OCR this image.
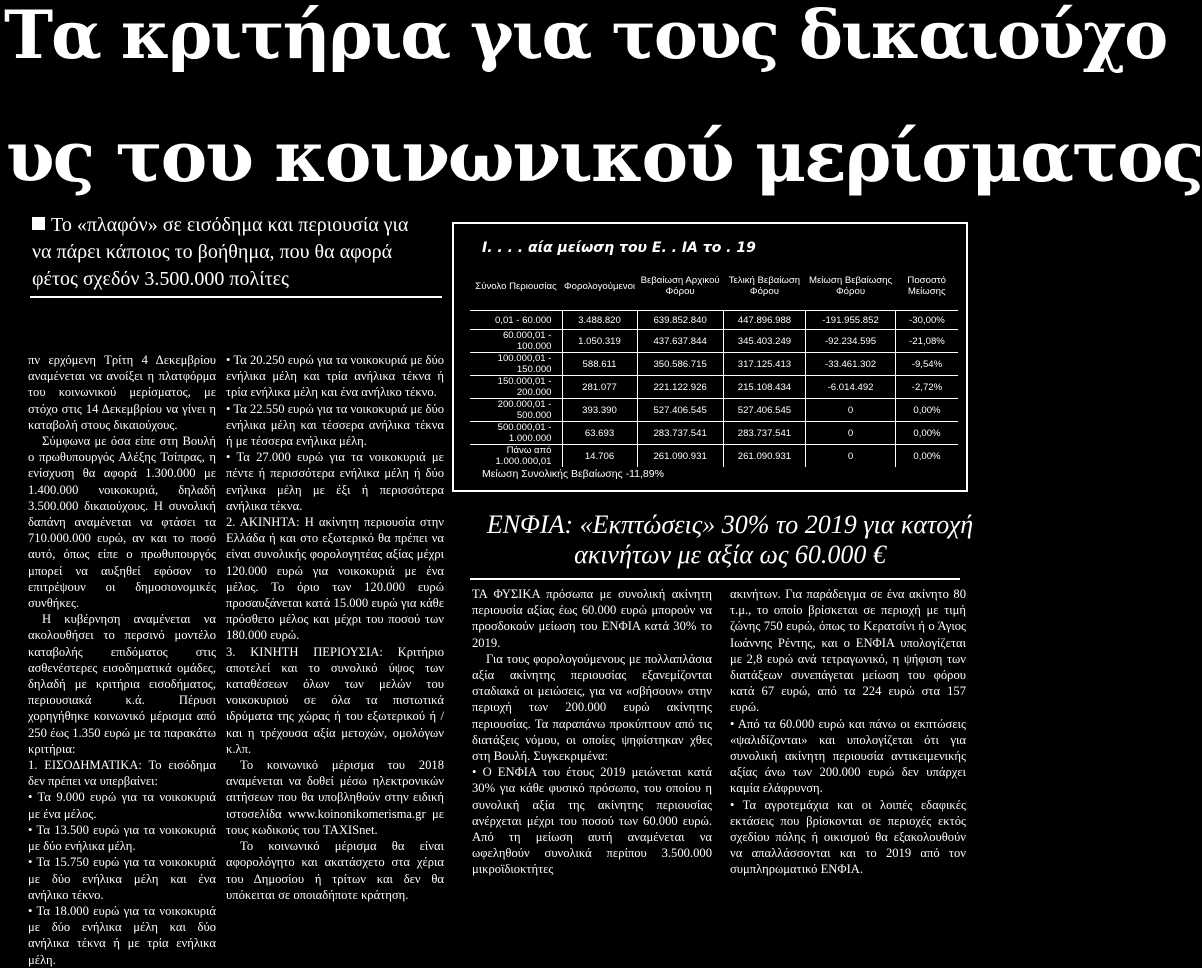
Τα κριτήρια για τους δικαιούχο
υς του κοινωνικού μερίσματος
Το «πλαφόν» σε εισόδημα και περιουσία για να πάρει κάποιος το βοήθημα, που θα αφορά φέτος σχεδόν 3.500.000 πολίτες

πν ερχόμενη Τρίτη 4 Δεκεμβρίου αναμένεται να ανοίξει η πλατφόρμα του κοινωνικού μερίσματος, με στόχο στις 14 Δεκεμβρίου να γίνει η καταβολή στους δικαιούχους.

Σύμφωνα με όσα είπε στη Βουλή ο πρωθυπουργός Αλέξης Τσίπρας, η ενίσχυση θα αφορά 1.300.000 με 1.400.000 νοικοκυριά, δηλαδή 3.500.000 δικαιούχους. Η συνολική δαπάνη αναμένεται να φτάσει τα 710.000.000 ευρώ, αν και το ποσό αυτό, όπως είπε ο πρωθυπουργός μπορεί να αυξηθεί εφόσον το επιτρέψουν οι δημοσιονομικές συνθήκες.

Η κυβέρνηση αναμένεται να ακολουθήσει το περσινό μοντέλο καταβολής επιδόματος στις ασθενέστερες εισοδηματικά ομάδες, δηλαδή με κριτήρια εισοδήματος, περιουσιακά κ.ά. Πέρυσι χορηγήθηκε κοινωνικό μέρισμα από 250 έως 1.350 ευρώ με τα παρακάτω κριτήρια:

1. ΕΙΣΟΔΗΜΑΤΙΚΑ: Το εισόδημα δεν πρέπει να υπερβαίνει:

• Τα 9.000 ευρώ για τα νοικοκυριά με ένα μέλος.

• Τα 13.500 ευρώ για τα νοικοκυριά με δύο ενήλικα μέλη.

• Τα 15.750 ευρώ για τα νοικοκυριά με δύο ενήλικα μέλη και ένα ανήλικο τέκνο.

• Τα 18.000 ευρώ για τα νοικοκυριά με δύο ενήλικα μέλη και δύο ανήλικα τέκνα ή με τρία ενήλικα μέλη.

• Τα 20.250 ευρώ για τα νοικοκυριά με δύο ενήλικα μέλη και τρία ανήλικα τέκνα ή τρία ενήλικα μέλη και ένα ανήλικο τέκνο.

• Τα 22.550 ευρώ για τα νοικοκυριά με δύο ενήλικα μέλη και τέσσερα ανήλικα τέκνα ή με τέσσερα ενήλικα μέλη.

• Τα 27.000 ευρώ για τα νοικοκυριά με πέντε ή περισσότερα ενήλικα μέλη ή δύο ενήλικα μέλη με έξι ή περισσότερα ανήλικα τέκνα.

2. ΑΚΙΝΗΤΑ: Η ακίνητη περιουσία στην Ελλάδα ή και στο εξωτερικό θα πρέπει να είναι συνολικής φορολογητέας αξίας μέχρι 120.000 ευρώ για νοικοκυριά με ένα μέλος. Το όριο των 120.000 ευρώ προσαυξάνεται κατά 15.000 ευρώ για κάθε πρόσθετο μέλος και μέχρι του ποσού των 180.000 ευρώ.

3. ΚΙΝΗΤΗ ΠΕΡΙΟΥΣΙΑ: Κριτήριο αποτελεί και το συνολικό ύψος των καταθέσεων όλων των μελών του νοικοκυριού σε όλα τα πιστωτικά ιδρύματα της χώρας ή του εξωτερικού ή / και η τρέχουσα αξία μετοχών, ομολόγων κ.λπ.

Το κοινωνικό μέρισμα του 2018 αναμένεται να δοθεί μέσω ηλεκτρονικών αιτήσεων που θα υποβληθούν στην ειδική ιστοσελίδα www.koinonikomerisma.gr με τους κωδικούς του TAXISnet.

Το κοινωνικό μέρισμα θα είναι αφορολόγητο και ακατάσχετο στα χέρια του Δημοσίου ή τρίτων και δεν θα υπόκειται σε οποιαδήποτε κράτηση.

Ι. . . . αία μείωση του Ε. . ΙΑ το . 19
Σύνολο Περιουσίας	Φορολογούμενοι	Βεβαίωση Αρχικού Φόρου	Τελική Βεβαίωση Φόρου	Μείωση Βεβαίωσης Φόρου	Ποσοστό Μείωσης
0,01 - 60.000	3.488.820	639.852.840	447.896.988	-191.955.852	-30,00%
60.000,01 - 100.000	1.050.319	437.637.844	345.403.249	-92.234.595	-21,08%
100.000,01 - 150.000	588.611	350.586.715	317.125.413	-33.461.302	-9,54%
150.000,01 - 200.000	281.077	221.122.926	215.108.434	-6.014.492	-2,72%
200.000,01 - 500.000	393.390	527.406.545	527.406.545	0	0,00%
500.000,01 - 1.000.000	63.693	283.737.541	283.737.541	0	0,00%
Πάνω από 1.000.000,01	14.706	261.090.931	261.090.931	0	0,00%
Μείωση Συνολικής Βεβαίωσης -11,89%
ΕΝΦΙΑ: «Εκπτώσεις» 30% το 2019 για κατοχή ακινήτων με αξία ως 60.000 €

ΤΑ ΦΥΣΙΚΑ πρόσωπα με συνολική ακίνητη περιουσία αξίας έως 60.000 ευρώ μπορούν να προσδοκούν μείωση του ΕΝΦΙΑ κατά 30% το 2019.

Για τους φορολογούμενους με πολλαπλάσια αξία ακίνητης περιουσίας εξανεμίζονται σταδιακά οι μειώσεις, για να «σβήσουν» στην περιοχή των 200.000 ευρώ ακίνητης περιουσίας. Τα παραπάνω προκύπτουν από τις διατάξεις νόμου, οι οποίες ψηφίστηκαν χθες στη Βουλή. Συγκεκριμένα:

• Ο ΕΝΦΙΑ του έτους 2019 μειώνεται κατά 30% για κάθε φυσικό πρόσωπο, του οποίου η συνολική αξία της ακίνητης περιουσίας ανέρχεται μέχρι του ποσού των 60.000 ευρώ. Από τη μείωση αυτή αναμένεται να ωφεληθούν συνολικά περίπου 3.500.000 μικροϊδιοκτήτες

ακινήτων. Για παράδειγμα σε ένα ακίνητο 80 τ.μ., το οποίο βρίσκεται σε περιοχή με τιμή ζώνης 750 ευρώ, όπως το Κερατσίνι ή ο Άγιος Ιωάννης Ρέντης, και ο ΕΝΦΙΑ υπολογίζεται με 2,8 ευρώ ανά τετραγωνικό, η ψήφιση των διατάξεων συνεπάγεται μείωση του φόρου κατά 67 ευρώ, από τα 224 ευρώ στα 157 ευρώ.

• Από τα 60.000 ευρώ και πάνω οι εκπτώσεις «ψαλιδίζονται» και υπολογίζεται ότι για συνολική ακίνητη περιουσία αντικειμενικής αξίας άνω των 200.000 ευρώ δεν υπάρχει καμία ελάφρυνση.

• Τα αγροτεμάχια και οι λοιπές εδαφικές εκτάσεις που βρίσκονται σε περιοχές εκτός σχεδίου πόλης ή οικισμού θα εξακολουθούν να απαλλάσσονται και το 2019 από τον συμπληρωματικό ΕΝΦΙΑ.
